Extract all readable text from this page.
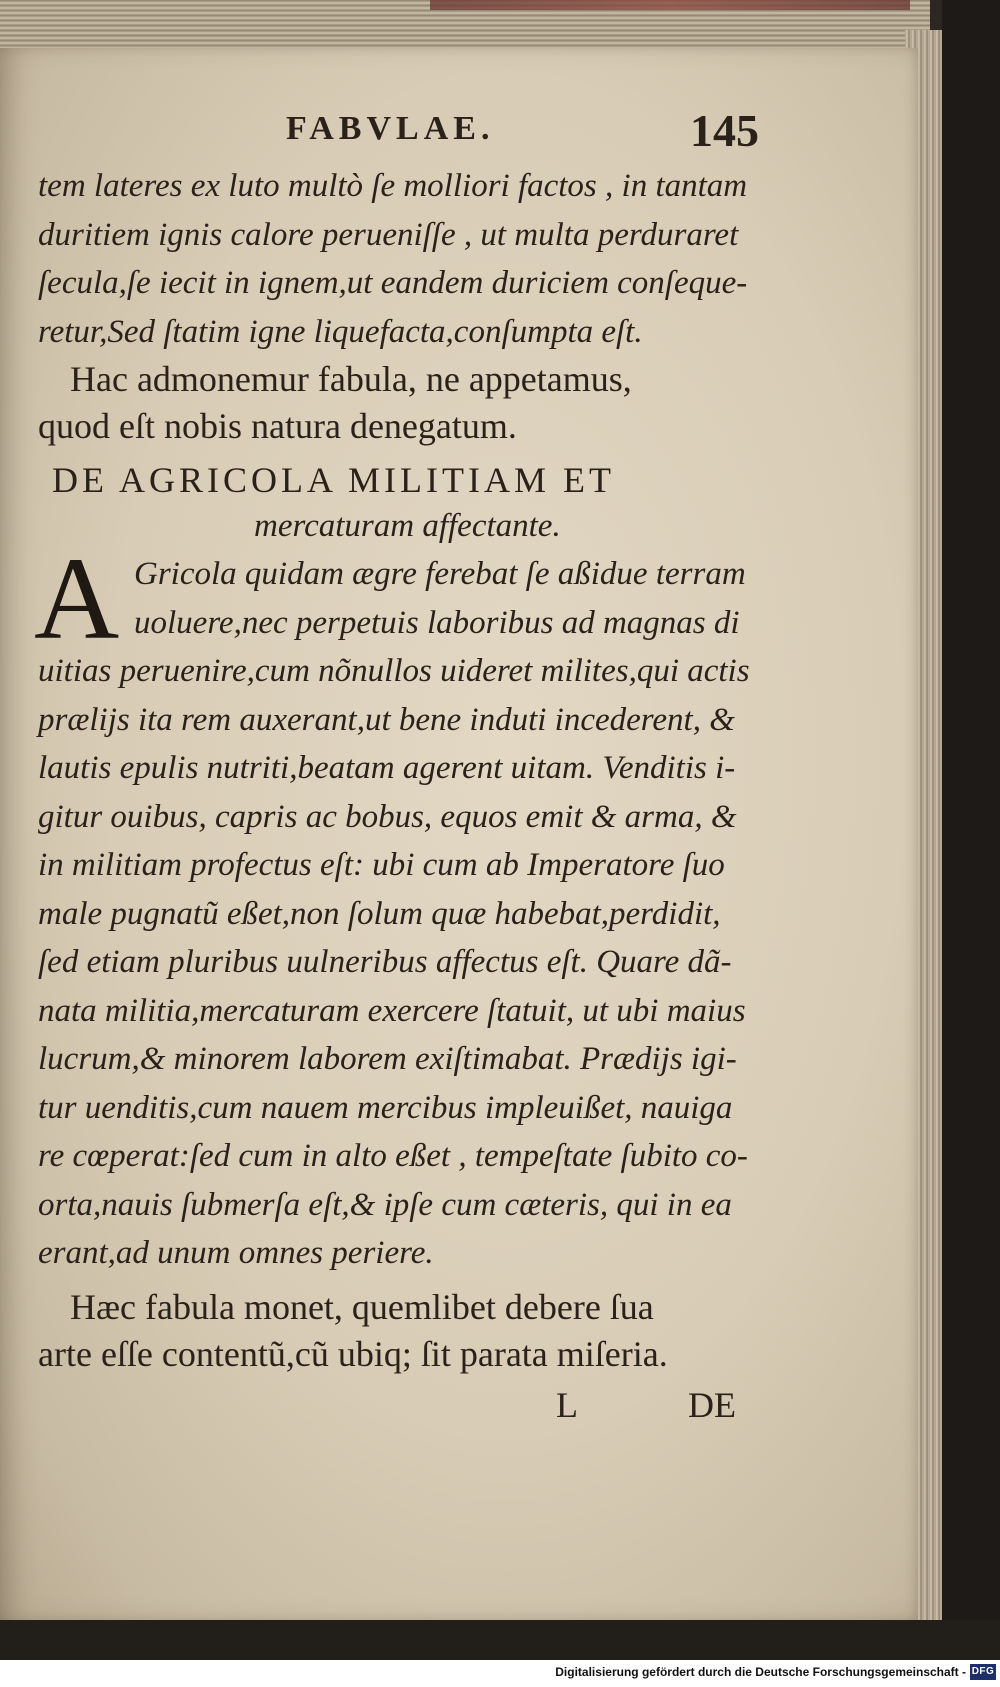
FABVLAE.	145
tem lateres ex luto multò ſe molliori factos , in tantam
duritiem ignis calore perueniſſe , ut multa perduraret
ſecula,ſe iecit in ignem,ut eandem duriciem conſeque-
retur,Sed ſtatim igne liquefacta,conſumpta eſt.
Hac admonemur fabula, ne appetamus,
quod eſt nobis natura denegatum.
DE AGRICOLA MILITIAM ET
mercaturam affectante.
A Gricola quidam ægre ferebat ſe aßidue terram
uoluere,nec perpetuis laboribus ad magnas di
uitias peruenire,cum nõnullos uideret milites,qui actis
prælijs ita rem auxerant,ut bene induti incederent, &
lautis epulis nutriti,beatam agerent uitam. Venditis i-
gitur ouibus, capris ac bobus, equos emit & arma, &
in militiam profectus eſt: ubi cum ab Imperatore ſuo
male pugnatũ eßet,non ſolum quæ habebat,perdidit,
ſed etiam pluribus uulneribus affectus eſt. Quare dã-
nata militia,mercaturam exercere ſtatuit, ut ubi maius
lucrum,& minorem laborem exiſtimabat. Prædijs igi-
tur uenditis,cum nauem mercibus impleuißet, nauiga
re cœperat:ſed cum in alto eßet , tempeſtate ſubito co-
orta,nauis ſubmerſa eſt,& ipſe cum cæteris, qui in ea
erant,ad unum omnes periere.
Hæc fabula monet, quemlibet debere ſua
arte eſſe contentũ,cũ ubiq; ſit parata miſeria.
L	DE
Digitalisierung gefördert durch die Deutsche Forschungsgemeinschaft - DFG
